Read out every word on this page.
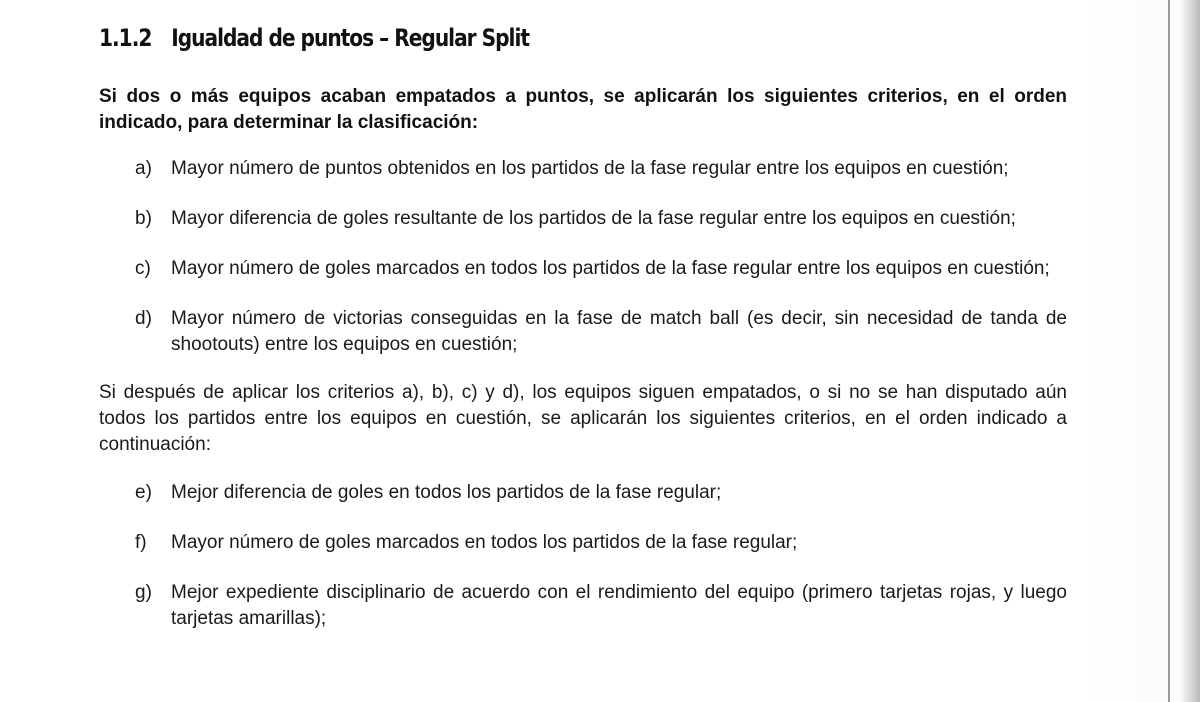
1.1.2 Igualdad de puntos – Regular Split
Si dos o más equipos acaban empatados a puntos, se aplicarán los siguientes criterios, en el orden indicado, para determinar la clasificación:
a)	Mayor número de puntos obtenidos en los partidos de la fase regular entre los equipos en cuestión;
b)	Mayor diferencia de goles resultante de los partidos de la fase regular entre los equipos en cuestión;
c)	Mayor número de goles marcados en todos los partidos de la fase regular entre los equipos en cuestión;
d)	Mayor número de victorias conseguidas en la fase de match ball (es decir, sin necesidad de tanda de shootouts) entre los equipos en cuestión;
Si después de aplicar los criterios a), b), c) y d), los equipos siguen empatados, o si no se han disputado aún todos los partidos entre los equipos en cuestión, se aplicarán los siguientes criterios, en el orden indicado a continuación:
e)	Mejor diferencia de goles en todos los partidos de la fase regular;
f)	Mayor número de goles marcados en todos los partidos de la fase regular;
g)	Mejor expediente disciplinario de acuerdo con el rendimiento del equipo (primero tarjetas rojas, y luego tarjetas amarillas);
